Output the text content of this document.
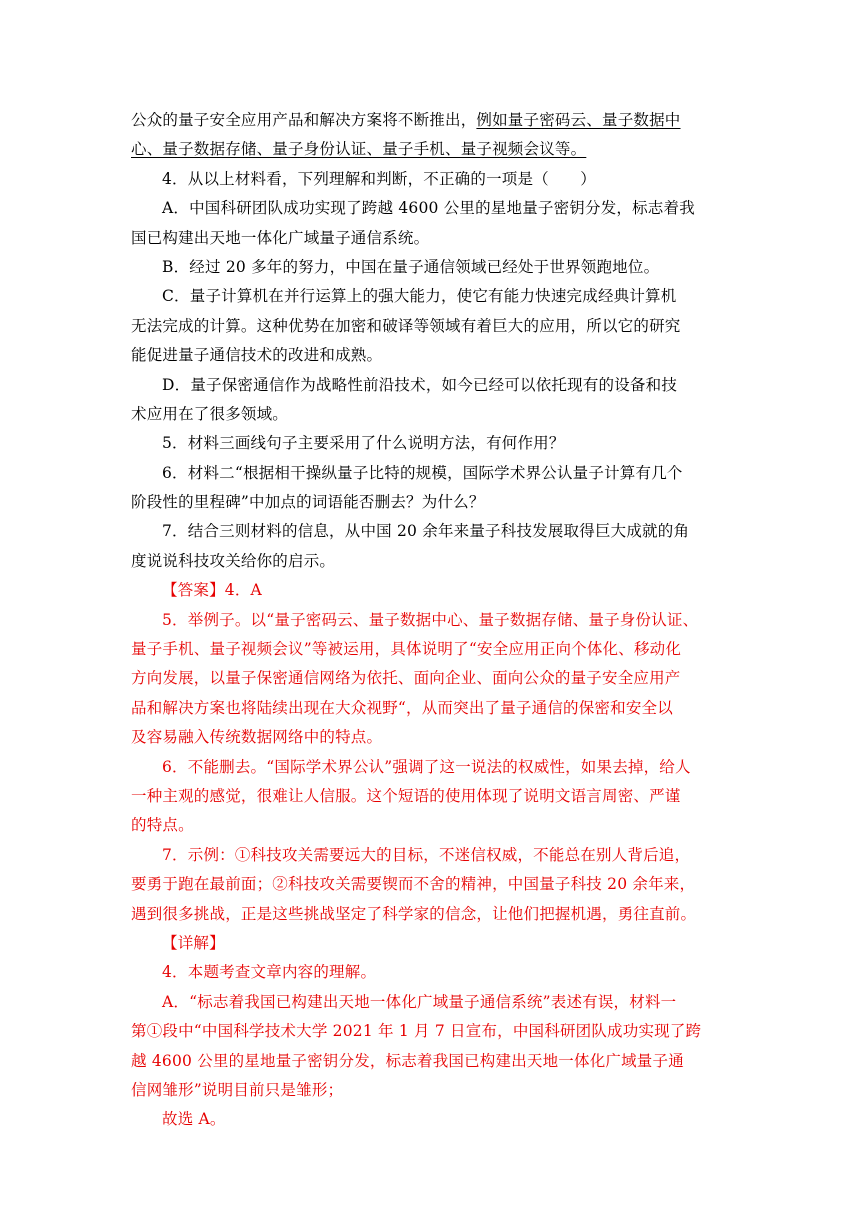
公众的量子安全应用产品和解决方案将不断推出，例如量子密码云、量子数据中
心、量子数据存储、量子身份认证、量子手机、量子视频会议等。
4．从以上材料看，下列理解和判断，不正确的一项是（　　）
A．中国科研团队成功实现了跨越 4600 公里的星地量子密钥分发，标志着我
国已构建出天地一体化广域量子通信系统。
B．经过 20 多年的努力，中国在量子通信领域已经处于世界领跑地位。
C．量子计算机在并行运算上的强大能力，使它有能力快速完成经典计算机
无法完成的计算。这种优势在加密和破译等领域有着巨大的应用，所以它的研究
能促进量子通信技术的改进和成熟。
D．量子保密通信作为战略性前沿技术，如今已经可以依托现有的设备和技
术应用在了很多领域。
5．材料三画线句子主要采用了什么说明方法，有何作用？
6．材料二“根据相干操纵量子比特的规模，国际学术界公认量子计算有几个
阶段性的里程碑”中加点的词语能否删去？为什么？
7．结合三则材料的信息，从中国 20 余年来量子科技发展取得巨大成就的角
度说说科技攻关给你的启示。
【答案】4．A
5．举例子。以“量子密码云、量子数据中心、量子数据存储、量子身份认证、
量子手机、量子视频会议”等被运用，具体说明了“安全应用正向个体化、移动化
方向发展，以量子保密通信网络为依托、面向企业、面向公众的量子安全应用产
品和解决方案也将陆续出现在大众视野“，从而突出了量子通信的保密和安全以
及容易融入传统数据网络中的特点。
6．不能删去。“国际学术界公认”强调了这一说法的权威性，如果去掉，给人
一种主观的感觉，很难让人信服。这个短语的使用体现了说明文语言周密、严谨
的特点。
7．示例：①科技攻关需要远大的目标，不迷信权威，不能总在别人背后追，
要勇于跑在最前面；②科技攻关需要锲而不舍的精神，中国量子科技 20 余年来，
遇到很多挑战，正是这些挑战坚定了科学家的信念，让他们把握机遇，勇往直前。
【详解】
4．本题考查文章内容的理解。
A．“标志着我国已构建出天地一体化广域量子通信系统”表述有误，材料一
第①段中“中国科学技术大学 2021 年 1 月 7 日宣布，中国科研团队成功实现了跨
越 4600 公里的星地量子密钥分发，标志着我国已构建出天地一体化广域量子通
信网雏形”说明目前只是雏形；
故选 A。
